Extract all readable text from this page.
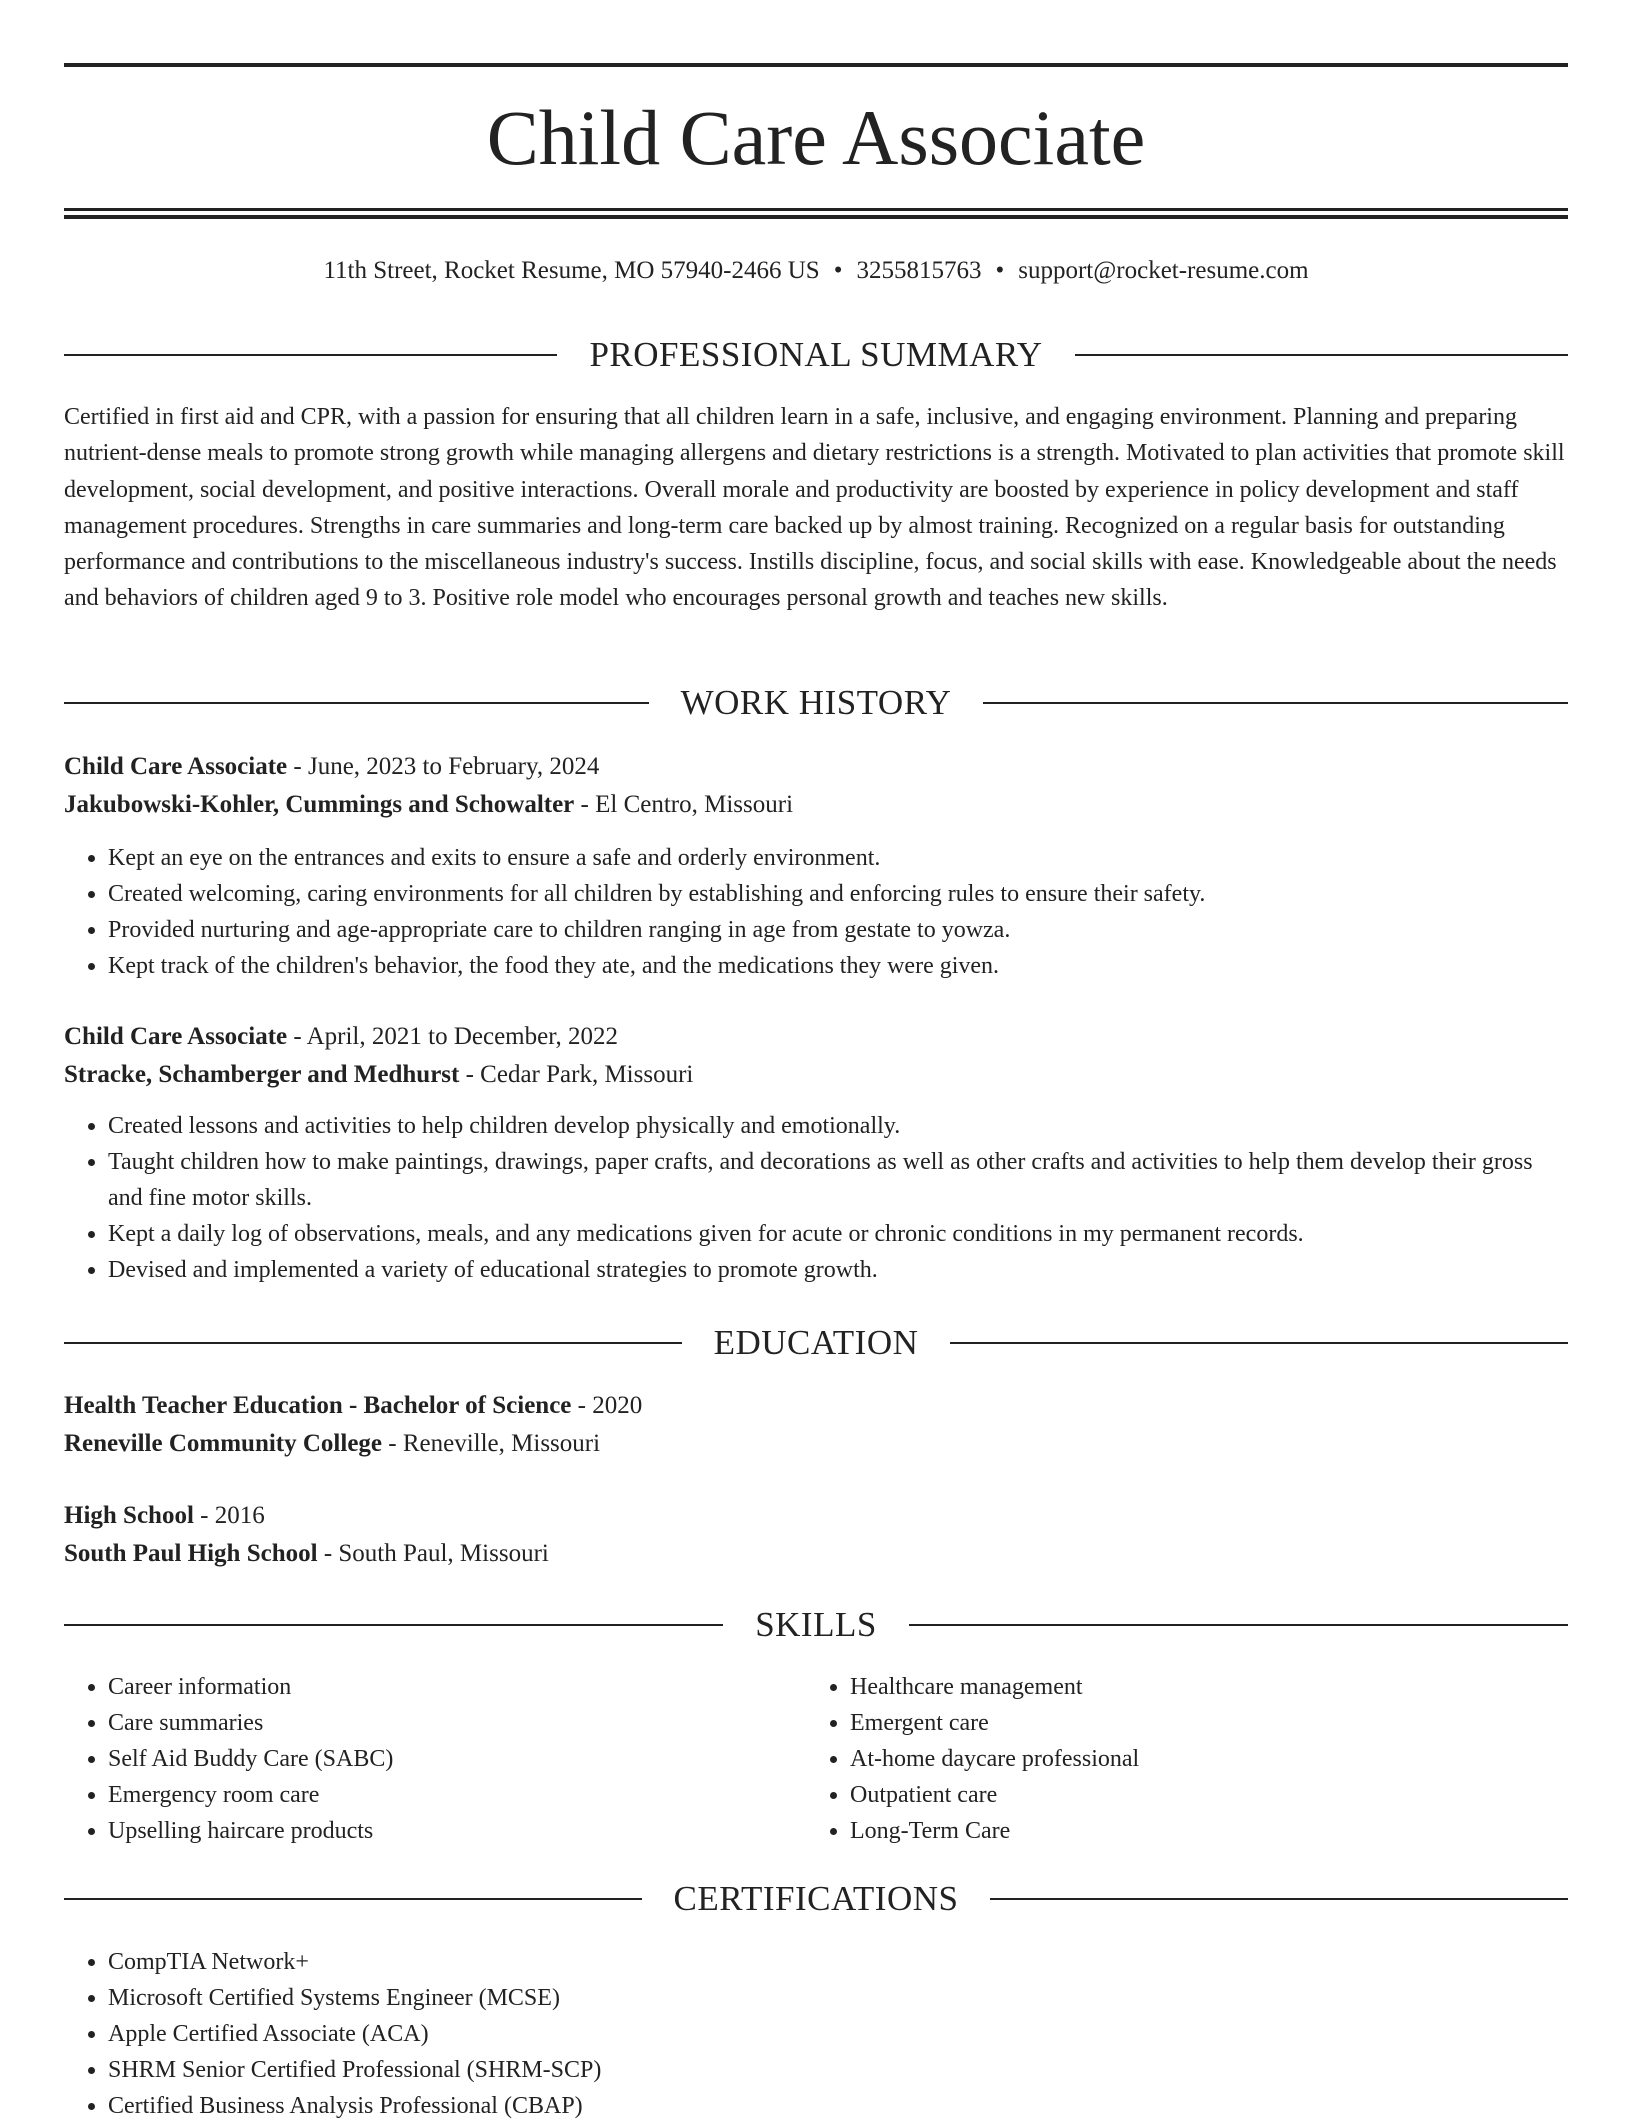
Child Care Associate
11th Street, Rocket Resume, MO 57940-2466 US • 3255815763 • support@rocket-resume.com
PROFESSIONAL SUMMARY

Certified in first aid and CPR, with a passion for ensuring that all children learn in a safe, inclusive, and engaging environment. Planning and preparing nutrient-dense meals to promote strong growth while managing allergens and dietary restrictions is a strength. Motivated to plan activities that promote skill development, social development, and positive interactions. Overall morale and productivity are boosted by experience in policy development and staff management procedures. Strengths in care summaries and long-term care backed up by almost training. Recognized on a regular basis for outstanding performance and contributions to the miscellaneous industry's success. Instills discipline, focus, and social skills with ease. Knowledgeable about the needs and behaviors of children aged 9 to 3. Positive role model who encourages personal growth and teaches new skills.

WORK HISTORY

Child Care Associate - June, 2023 to February, 2024

Jakubowski-Kohler, Cummings and Schowalter - El Centro, Missouri

• Kept an eye on the entrances and exits to ensure a safe and orderly environment.
• Created welcoming, caring environments for all children by establishing and enforcing rules to ensure their safety.
• Provided nurturing and age-appropriate care to children ranging in age from gestate to yowza.
• Kept track of the children's behavior, the food they ate, and the medications they were given.

Child Care Associate - April, 2021 to December, 2022

Stracke, Schamberger and Medhurst - Cedar Park, Missouri

• Created lessons and activities to help children develop physically and emotionally.
• Taught children how to make paintings, drawings, paper crafts, and decorations as well as other crafts and activities to help them develop their gross and fine motor skills.
• Kept a daily log of observations, meals, and any medications given for acute or chronic conditions in my permanent records.
• Devised and implemented a variety of educational strategies to promote growth.
EDUCATION

Health Teacher Education - Bachelor of Science - 2020

Reneville Community College - Reneville, Missouri

High School - 2016

South Paul High School - South Paul, Missouri

SKILLS
• Career information
• Care summaries
• Self Aid Buddy Care (SABC)
• Emergency room care
• Upselling haircare products
• Healthcare management
• Emergent care
• At-home daycare professional
• Outpatient care
• Long-Term Care
CERTIFICATIONS
• CompTIA Network+
• Microsoft Certified Systems Engineer (MCSE)
• Apple Certified Associate (ACA)
• SHRM Senior Certified Professional (SHRM-SCP)
• Certified Business Analysis Professional (CBAP)
